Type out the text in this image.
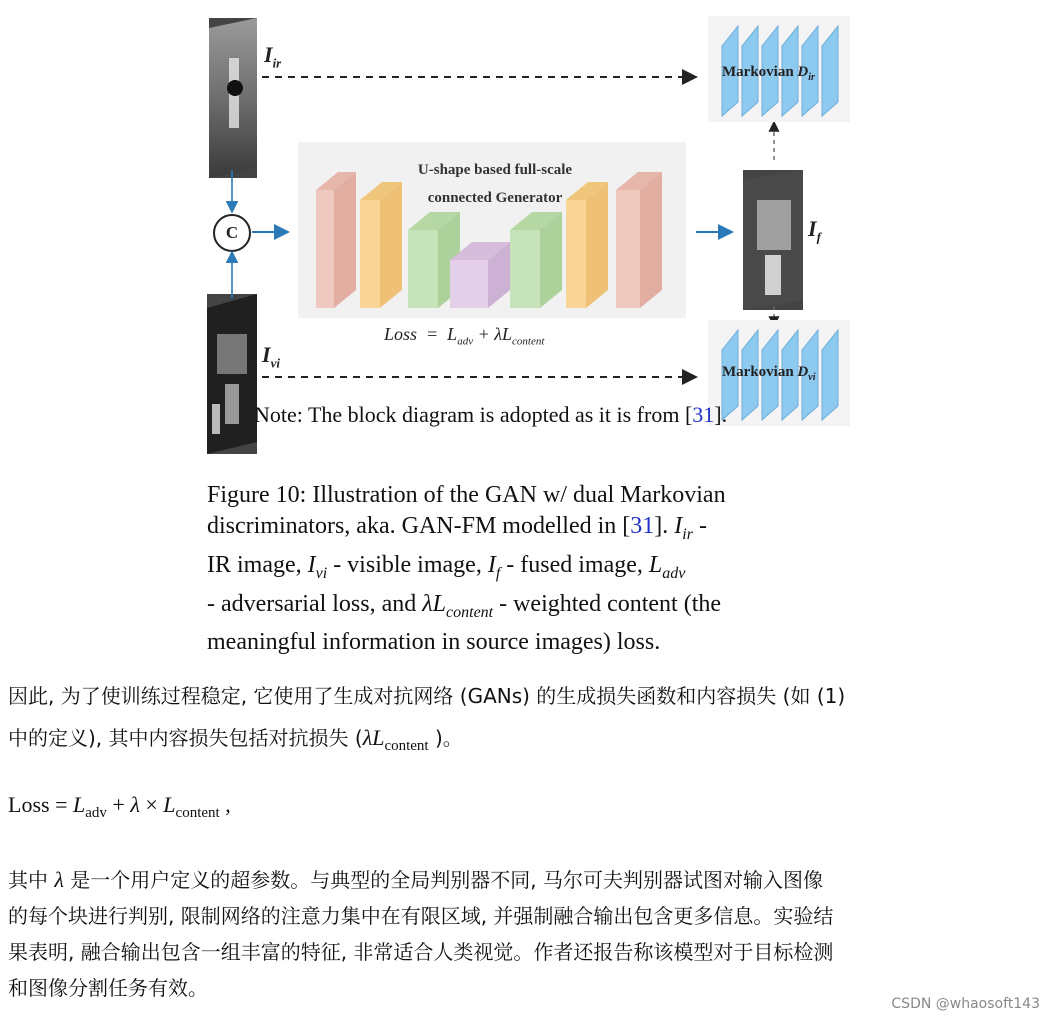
$I_{ir}$
$I_{vi}$
$I_f$
C
U-shape based full-scale
connected Generator
Loss  =  $L_{adv} + \lambda L_{content}$
Markovian $D_{ir}$
Markovian $D_{vi}$
Note: The block diagram is adopted as it is from [31].
Figure 10: Illustration of the GAN w/ dual Markovian
discriminators, aka. GAN-FM modelled in [31]. $I_{ir}$ -
IR image, $I_{vi}$ - visible image, $I_f$ - fused image, $L_{adv}$
- adversarial loss, and $\lambda L_{content}$ - weighted content (the
meaningful information in source images) loss.
因此, 为了使训练过程稳定, 它使用了生成对抗网络 (GANs) 的生成损失函数和内容损失 (如 (1)
中的定义), 其中内容损失包括对抗损失 ($\lambda L_{content}$ )。
Loss = $L_{adv} + \lambda \times L_{content}$ ,
其中 λ 是一个用户定义的超参数。与典型的全局判别器不同, 马尔可夫判别器试图对输入图像
的每个块进行判别, 限制网络的注意力集中在有限区域, 并强制融合输出包含更多信息。实验结
果表明, 融合输出包含一组丰富的特征, 非常适合人类视觉。作者还报告称该模型对于目标检测
和图像分割任务有效。
CSDN @whaosoft143
